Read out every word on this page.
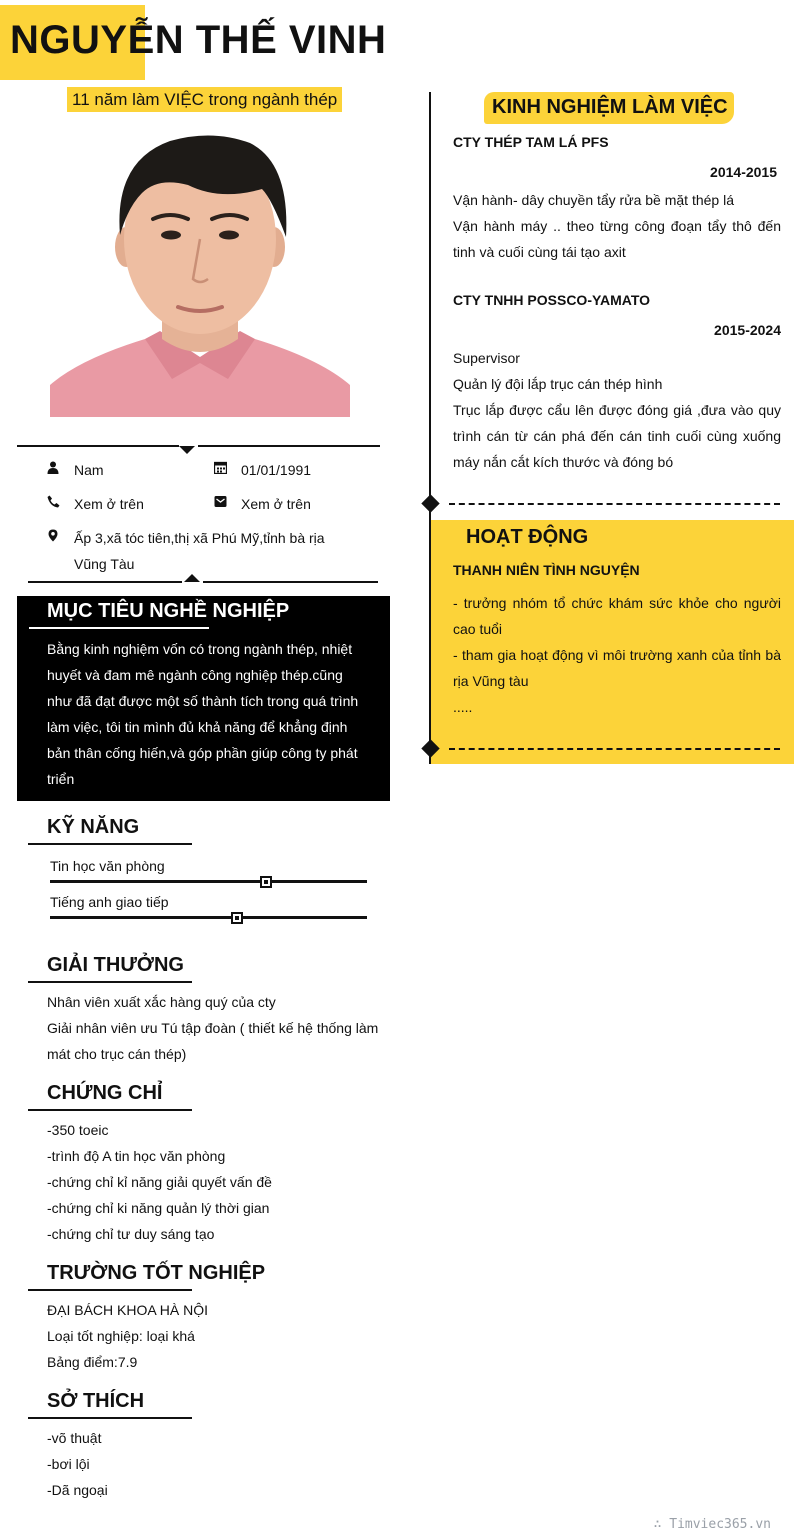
NGUYỄN THẾ VINH
11 năm làm VIỆC trong ngành thép
Nam	01/01/1991
Xem ở trên	Xem ở trên
Ấp 3,xã tóc tiên,thị xã Phú Mỹ,tỉnh bà rịa
Vũng Tàu
MỤC TIÊU NGHỀ NGHIỆP
Bằng kinh nghiệm vốn có trong ngành thép, nhiệt
huyết và đam mê ngành công nghiệp thép.cũng
như đã đạt được một số thành tích trong quá trình
làm việc, tôi tin mình đủ khả năng để khẳng định
bản thân cống hiến,và góp phần giúp công ty phát
triển
KỸ NĂNG
Tin học văn phòng
Tiếng anh giao tiếp
GIẢI THƯỞNG
Nhân viên xuất xắc hàng quý của cty
Giải nhân viên ưu Tú tập đoàn ( thiết kế hệ thống làm
mát cho trục cán thép)
CHỨNG CHỈ
-350 toeic
-trình độ A tin học văn phòng
-chứng chỉ kỉ năng giải quyết vấn đề
-chứng chỉ ki năng quản lý thời gian
-chứng chỉ tư duy sáng tạo
TRƯỜNG TỐT NGHIỆP
ĐẠI BÁCH KHOA HÀ NỘI
Loại tốt nghiệp: loại khá
Bảng điểm:7.9
SỞ THÍCH
-võ thuật
-bơi lội
-Dã ngoại
KINH NGHIỆM LÀM VIỆC
CTY THÉP TAM LÁ PFS
2014-2015
Vận hành- dây chuyền tẩy rửa bề mặt thép lá
Vận hành máy .. theo từng công đoạn tẩy thô đến tinh và cuối cùng tái tạo axit
CTY TNHH POSSCO-YAMATO
2015-2024
Supervisor
Quản lý đội lắp trục cán thép hình
Trục lắp được cẩu lên được đóng giá ,đưa vào quy trình cán từ cán phá đến cán tinh cuối cùng xuống máy nắn cắt kích thước và đóng bó
HOẠT ĐỘNG
THANH NIÊN TÌNH NGUYỆN
- trưởng nhóm tổ chức khám sức khỏe cho người cao tuổi
- tham gia hoạt động vì môi trường xanh của tỉnh bà rịa Vũng tàu
.....
∴ Timviec365.vn
